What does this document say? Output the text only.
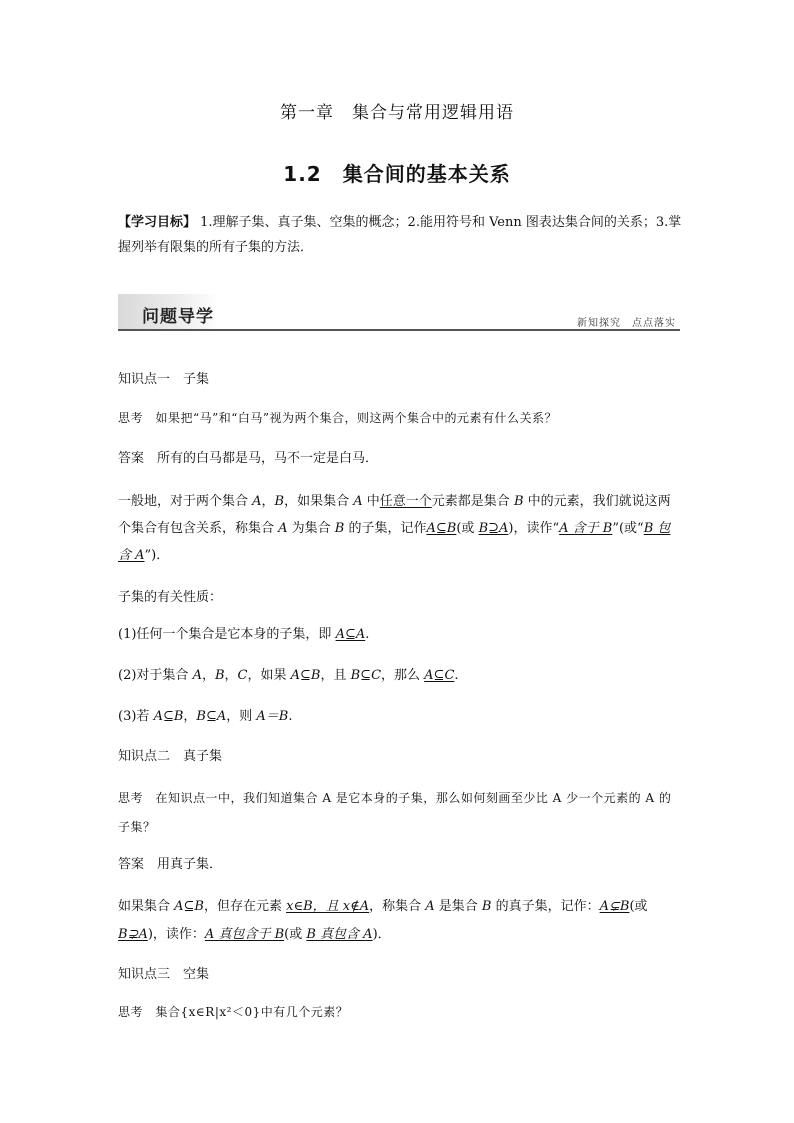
第一章　集合与常用逻辑用语
1.2　集合间的基本关系
【学习目标】 1.理解子集、真子集、空集的概念；2.能用符号和 Venn 图表达集合间的关系；3.掌握列举有限集的所有子集的方法．
问题导学	新知探究　点点落实
知识点一　子集
思考　如果把“马”和“白马”视为两个集合，则这两个集合中的元素有什么关系？
答案　所有的白马都是马，马不一定是白马．
一般地，对于两个集合 A，B，如果集合 A 中任意一个元素都是集合 B 中的元素，我们就说这两个集合有包含关系，称集合 A 为集合 B 的子集，记作A⊆B(或 B⊇A)，读作“A 含于 B”(或“B 包含 A”)．
子集的有关性质：
(1)任何一个集合是它本身的子集，即 A⊆A.
(2)对于集合 A，B，C，如果 A⊆B，且 B⊆C，那么 A⊆C.
(3)若 A⊆B，B⊆A，则 A＝B.
知识点二　真子集
思考　在知识点一中，我们知道集合 A 是它本身的子集，那么如何刻画至少比 A 少一个元素的 A 的子集？
答案　用真子集．
如果集合 A⊆B，但存在元素 x∈B，且 x∉A，称集合 A 是集合 B 的真子集，记作：A⊊B(或 B⊋A)，读作：A 真包含于 B(或 B 真包含 A)．
知识点三　空集
思考　集合{x∈R|x²＜0}中有几个元素？
